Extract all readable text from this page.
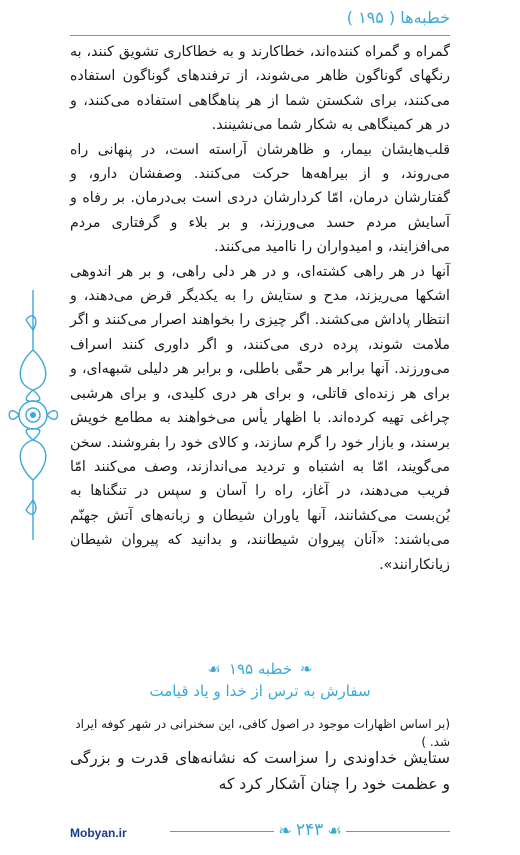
خطبه‌ها ( ۱۹۵ )

گمراه و گمراه کننده‌اند، خطاکارند و به خطاکاری تشویق کنند، به رنگهای گوناگون ظاهر می‌شوند، از ترفندهای گوناگون استفاده می‌کنند، برای شکستن شما از هر پناهگاهی استفاده می‌کنند، و در هر کمینگاهی به شکار شما می‌نشینند.

قلب‌هایشان بیمار، و ظاهرشان آراسته است، در پنهانی راه می‌روند، و از بیراهه‌ها حرکت می‌کنند. وصفشان دارو، و گفتارشان درمان، امّا کردارشان دردی است بی‌درمان. بر رفاه و آسایش مردم حسد می‌ورزند، و بر بلاء و گرفتاری مردم می‌افزایند، و امیدواران را ناامید می‌کنند.

آنها در هر راهی کشته‌ای، و در هر دلی راهی، و بر هر اندوهی اشکها می‌ریزند، مدح و ستایش را به یکدیگر قرض می‌دهند، و انتظار پاداش می‌کشند. اگر چیزی را بخواهند اصرار می‌کنند و اگر ملامت شوند، پرده دری می‌کنند، و اگر داوری کنند اسراف می‌ورزند. آنها برابر هر حقّی باطلی، و برابر هر دلیلی شبهه‌ای، و برای هر زنده‌ای قاتلی، و برای هر دری کلیدی، و برای هرشبی چراغی تهیه کرده‌اند. با اظهار یأس می‌خواهند به مطامع خویش برسند، و بازار خود را گرم سازند، و کالای خود را بفروشند. سخن می‌گویند، امّا به اشتباه و تردید می‌اندازند، وصف می‌کنند امّا فریب می‌دهند، در آغاز، راه را آسان و سپس در تنگناها به بُن‌بست می‌کشانند، آنها یاوران شیطان و زبانه‌های آتش جهنّم می‌باشند: «آنان پیروان شیطانند، و بدانید که پیروان شیطان زیانکارانند».

❧
خطبه ۱۹۵
☙
سفارش به ترس از خدا و یاد قیامت
(بر اساس اظهارات موجود در اصول کافی، این سخنرانی در شهر کوفه ایراد شد. )
ستایش خداوندی را سزاست که نشانه‌های قدرت و بزرگی و عظمت خود را چنان آشکار کرد که
Mobyan.ir	❧ ۲۴۳ ☙
